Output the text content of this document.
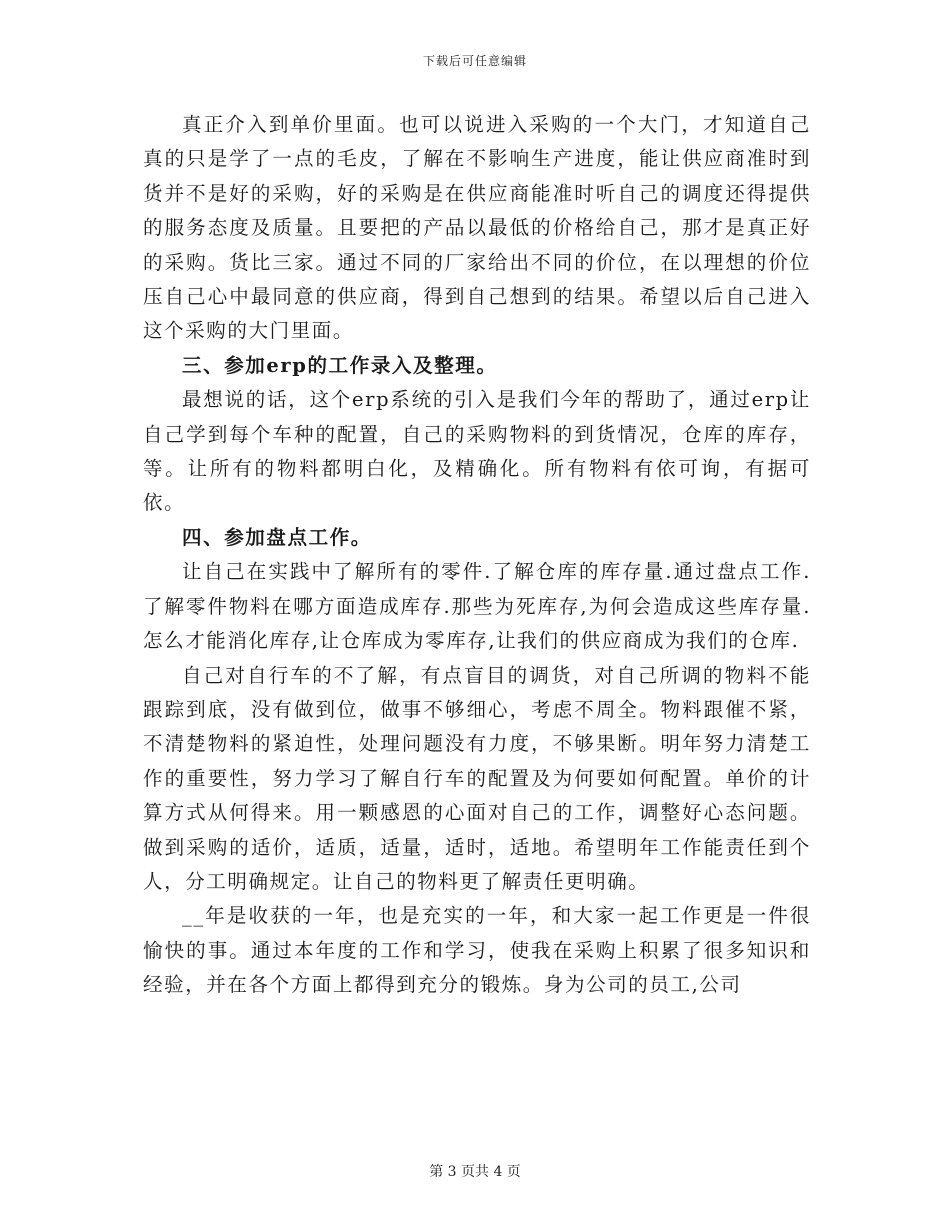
下载后可任意编辑

真正介入到单价里面。也可以说进入采购的一个大门，才知道自己真的只是学了一点的毛皮，了解在不影响生产进度，能让供应商准时到货并不是好的采购，好的采购是在供应商能准时听自己的调度还得提供的服务态度及质量。且要把的产品以最低的价格给自己，那才是真正好的采购。货比三家。通过不同的厂家给出不同的价位，在以理想的价位压自己心中最同意的供应商，得到自己想到的结果。希望以后自己进入这个采购的大门里面。

三、参加erp的工作录入及整理。

最想说的话，这个erp系统的引入是我们今年的帮助了，通过erp让自己学到每个车种的配置，自己的采购物料的到货情况，仓库的库存，等。让所有的物料都明白化，及精确化。所有物料有依可询，有据可依。

四、参加盘点工作。

让自己在实践中了解所有的零件.了解仓库的库存量.通过盘点工作.了解零件物料在哪方面造成库存.那些为死库存,为何会造成这些库存量.怎么才能消化库存,让仓库成为零库存,让我们的供应商成为我们的仓库.

自己对自行车的不了解，有点盲目的调货，对自己所调的物料不能跟踪到底，没有做到位，做事不够细心，考虑不周全。物料跟催不紧，不清楚物料的紧迫性，处理问题没有力度，不够果断。明年努力清楚工作的重要性，努力学习了解自行车的配置及为何要如何配置。单价的计算方式从何得来。用一颗感恩的心面对自己的工作，调整好心态问题。做到采购的适价，适质，适量，适时，适地。希望明年工作能责任到个人，分工明确规定。让自己的物料更了解责任更明确。

__年是收获的一年，也是充实的一年，和大家一起工作更是一件很愉快的事。通过本年度的工作和学习，使我在采购上积累了很多知识和经验，并在各个方面上都得到充分的锻炼。身为公司的员工,公司

第 3 页共 4 页
